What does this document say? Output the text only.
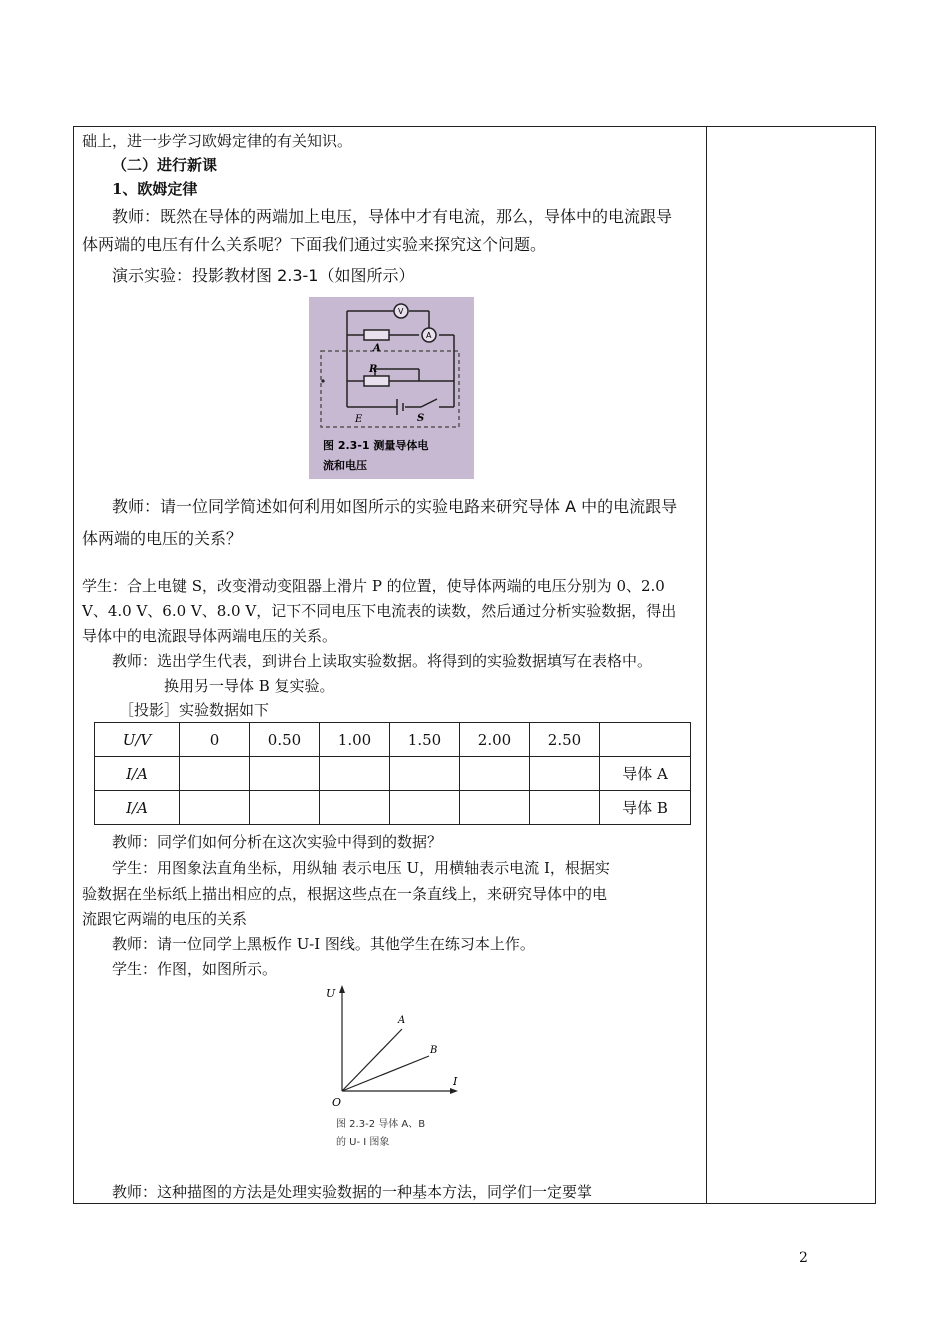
础上，进一步学习欧姆定律的有关知识。
（二）进行新课
1、欧姆定律
教师：既然在导体的两端加上电压，导体中才有电流，那么，导体中的电流跟导
体两端的电压有什么关系呢？下面我们通过实验来探究这个问题。
演示实验：投影教材图 2.3-1（如图所示）
V
A
A
R
E	S
图 2.3-1 测量导体电
流和电压
教师：请一位同学简述如何利用如图所示的实验电路来研究导体 A 中的电流跟导
体两端的电压的关系？
学生：合上电键 S，改变滑动变阻器上滑片 P 的位置，使导体两端的电压分别为 0、2.0
V、4.0 V、6.0 V、8.0 V，记下不同电压下电流表的读数，然后通过分析实验数据，得出
导体中的电流跟导体两端电压的关系。
教师：选出学生代表，到讲台上读取实验数据。将得到的实验数据填写在表格中。
换用另一导体 B 复实验。
［投影］实验数据如下
U/V	0	0.50	1.00	1.50	2.00	2.50	
I/A							导体 A
I/A							导体 B
教师：同学们如何分析在这次实验中得到的数据？
学生：用图象法直角坐标，用纵轴 表示电压 U，用横轴表示电流 I，根据实
验数据在坐标纸上描出相应的点，根据这些点在一条直线上，来研究导体中的电
流跟它两端的电压的关系
教师：请一位同学上黑板作 U-I 图线。其他学生在练习本上作。
学生：作图，如图所示。
U
I
O
A
B
图 2.3-2 导体 A、B
的 U- I 图象
教师：这种描图的方法是处理实验数据的一种基本方法，同学们一定要掌
2
